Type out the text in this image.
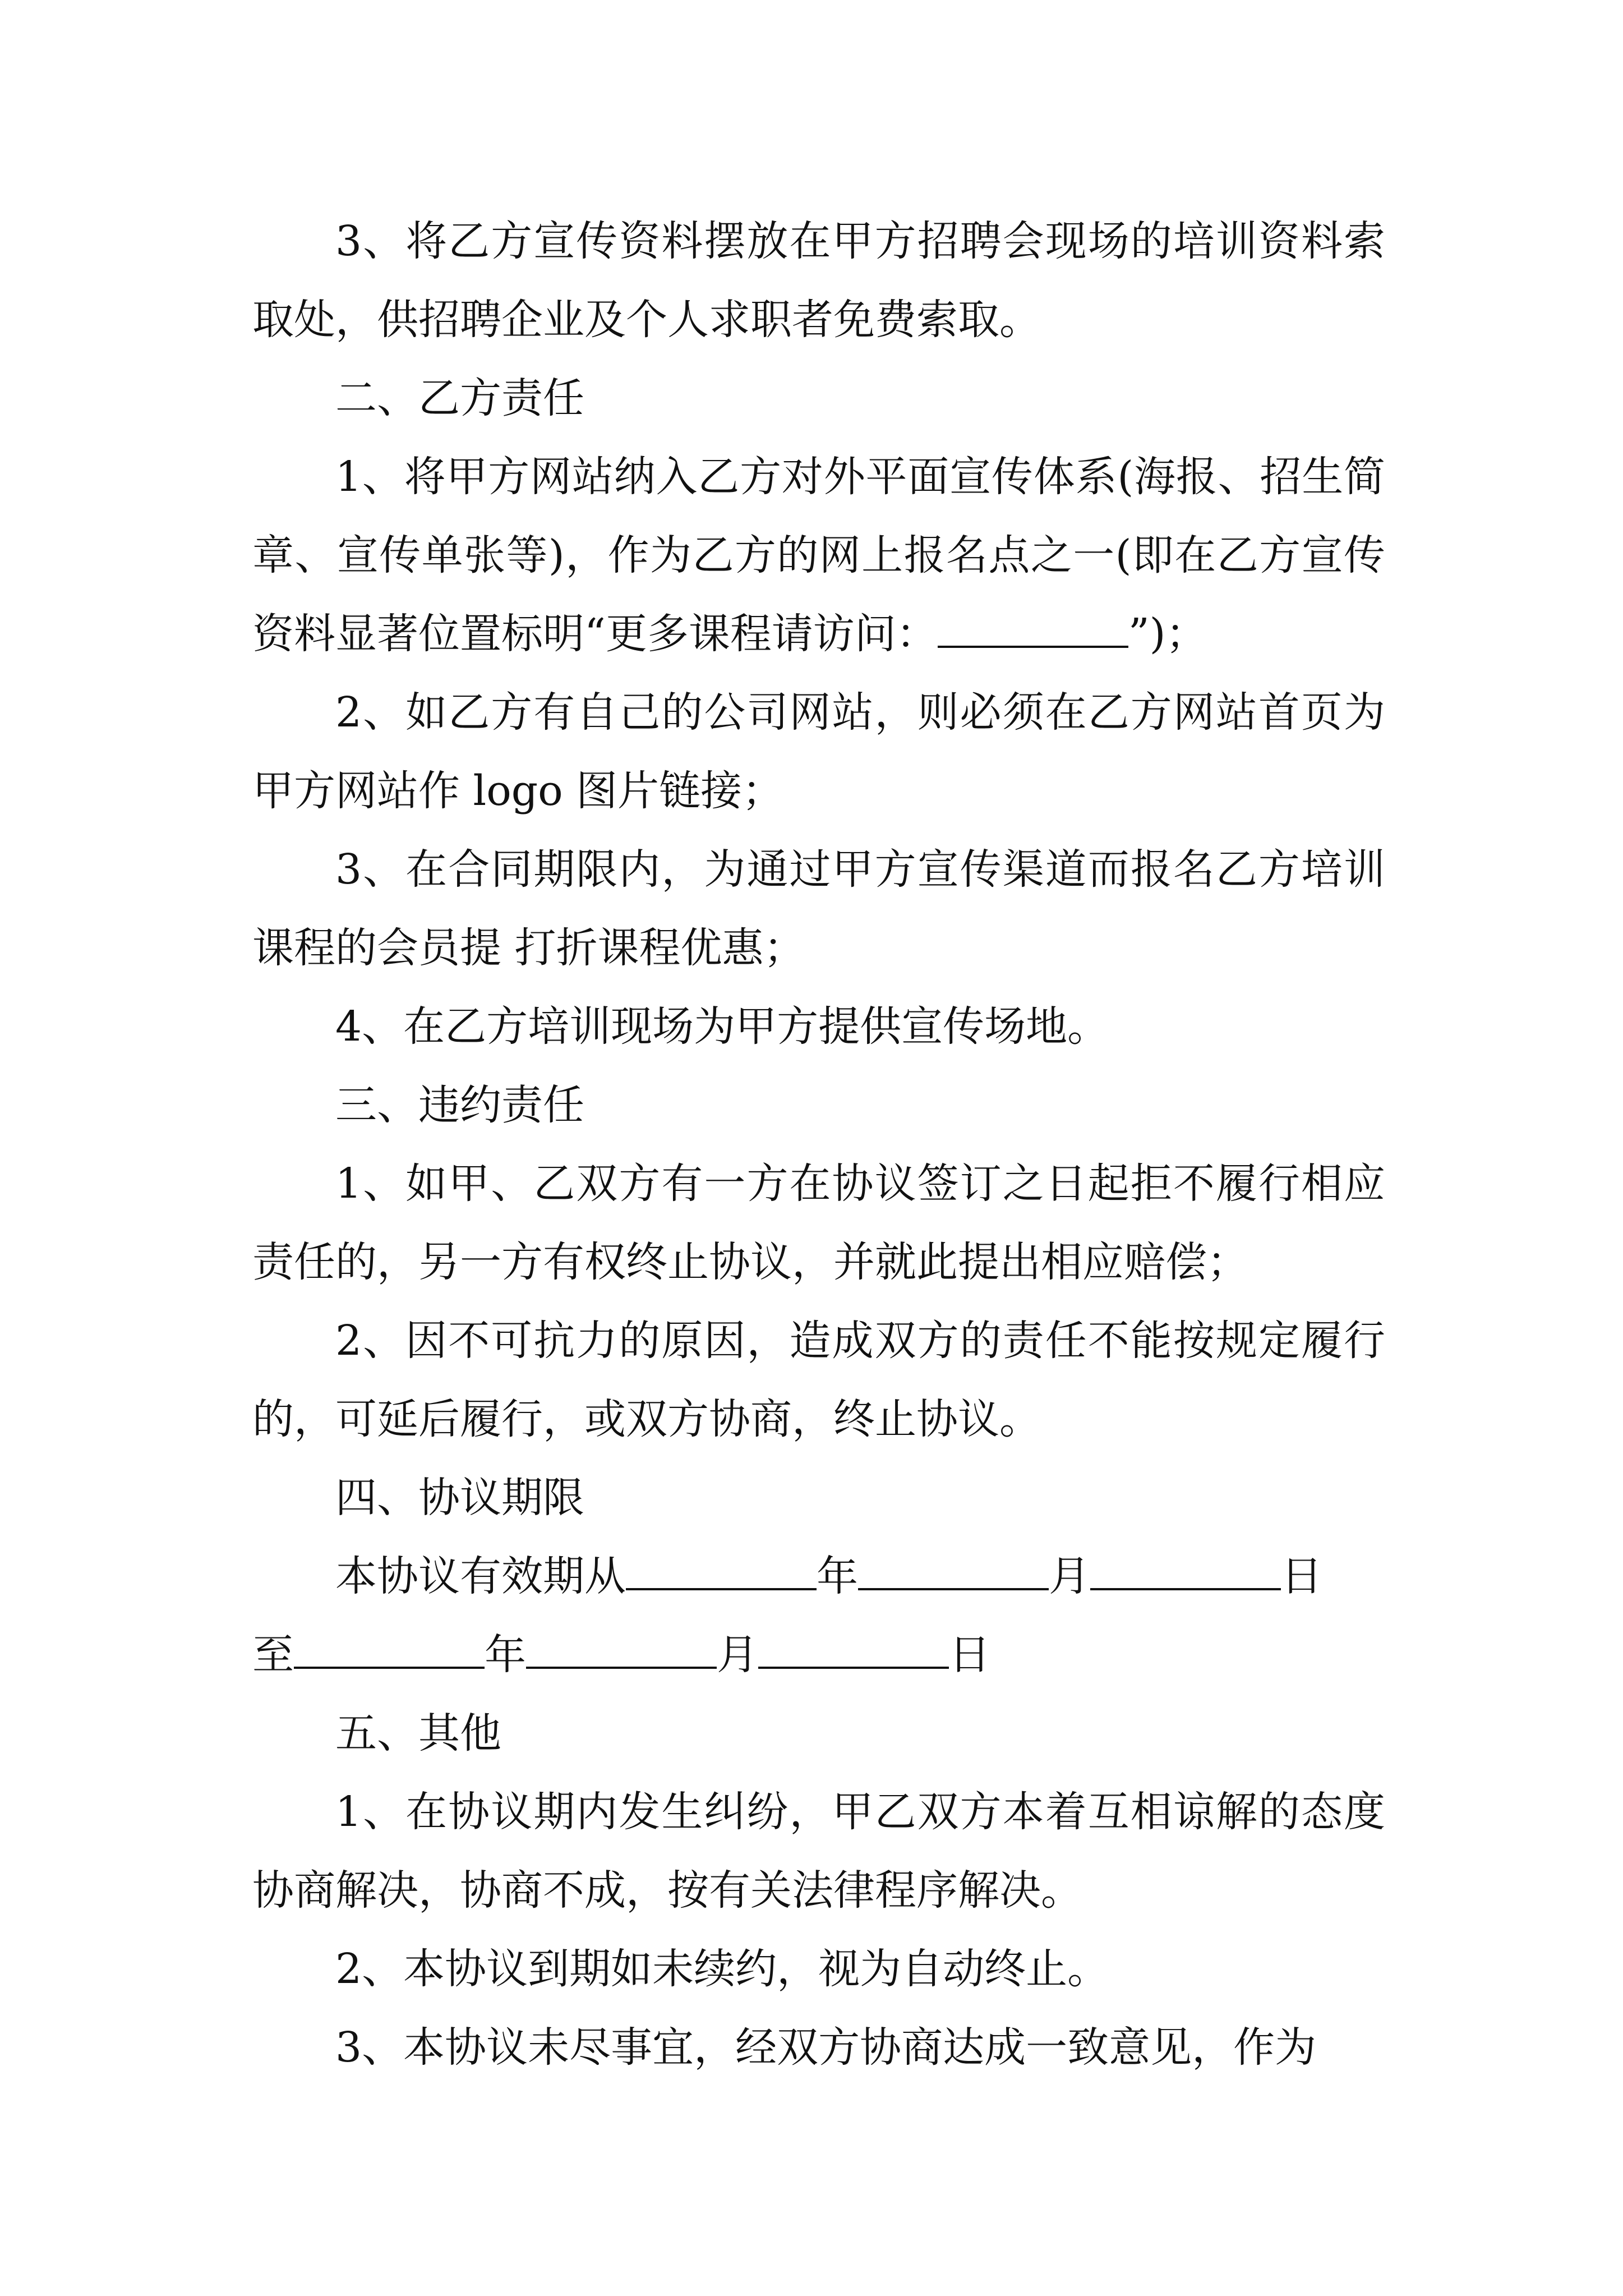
3、将乙方宣传资料摆放在甲方招聘会现场的培训资料索取处，供招聘企业及个人求职者免费索取。

二、乙方责任

1、将甲方网站纳入乙方对外平面宣传体系(海报、招生简章、宣传单张等)，作为乙方的网上报名点之一(即在乙方宣传资料显著位置标明“更多课程请访问：	”)；

2、如乙方有自己的公司网站，则必须在乙方网站首页为甲方网站作 logo 图片链接；

3、在合同期限内，为通过甲方宣传渠道而报名乙方培训课程的会员提 打折课程优惠；

4、在乙方培训现场为甲方提供宣传场地。

三、违约责任

1、如甲、乙双方有一方在协议签订之日起拒不履行相应责任的，另一方有权终止协议，并就此提出相应赔偿；

2、因不可抗力的原因，造成双方的责任不能按规定履行的，可延后履行，或双方协商，终止协议。

四、协议期限

本协议有效期从	年	月	日

至	年	月	日

五、其他

1、在协议期内发生纠纷，甲乙双方本着互相谅解的态度协商解决，协商不成，按有关法律程序解决。

2、本协议到期如未续约，视为自动终止。

3、本协议未尽事宜，经双方协商达成一致意见，作为
